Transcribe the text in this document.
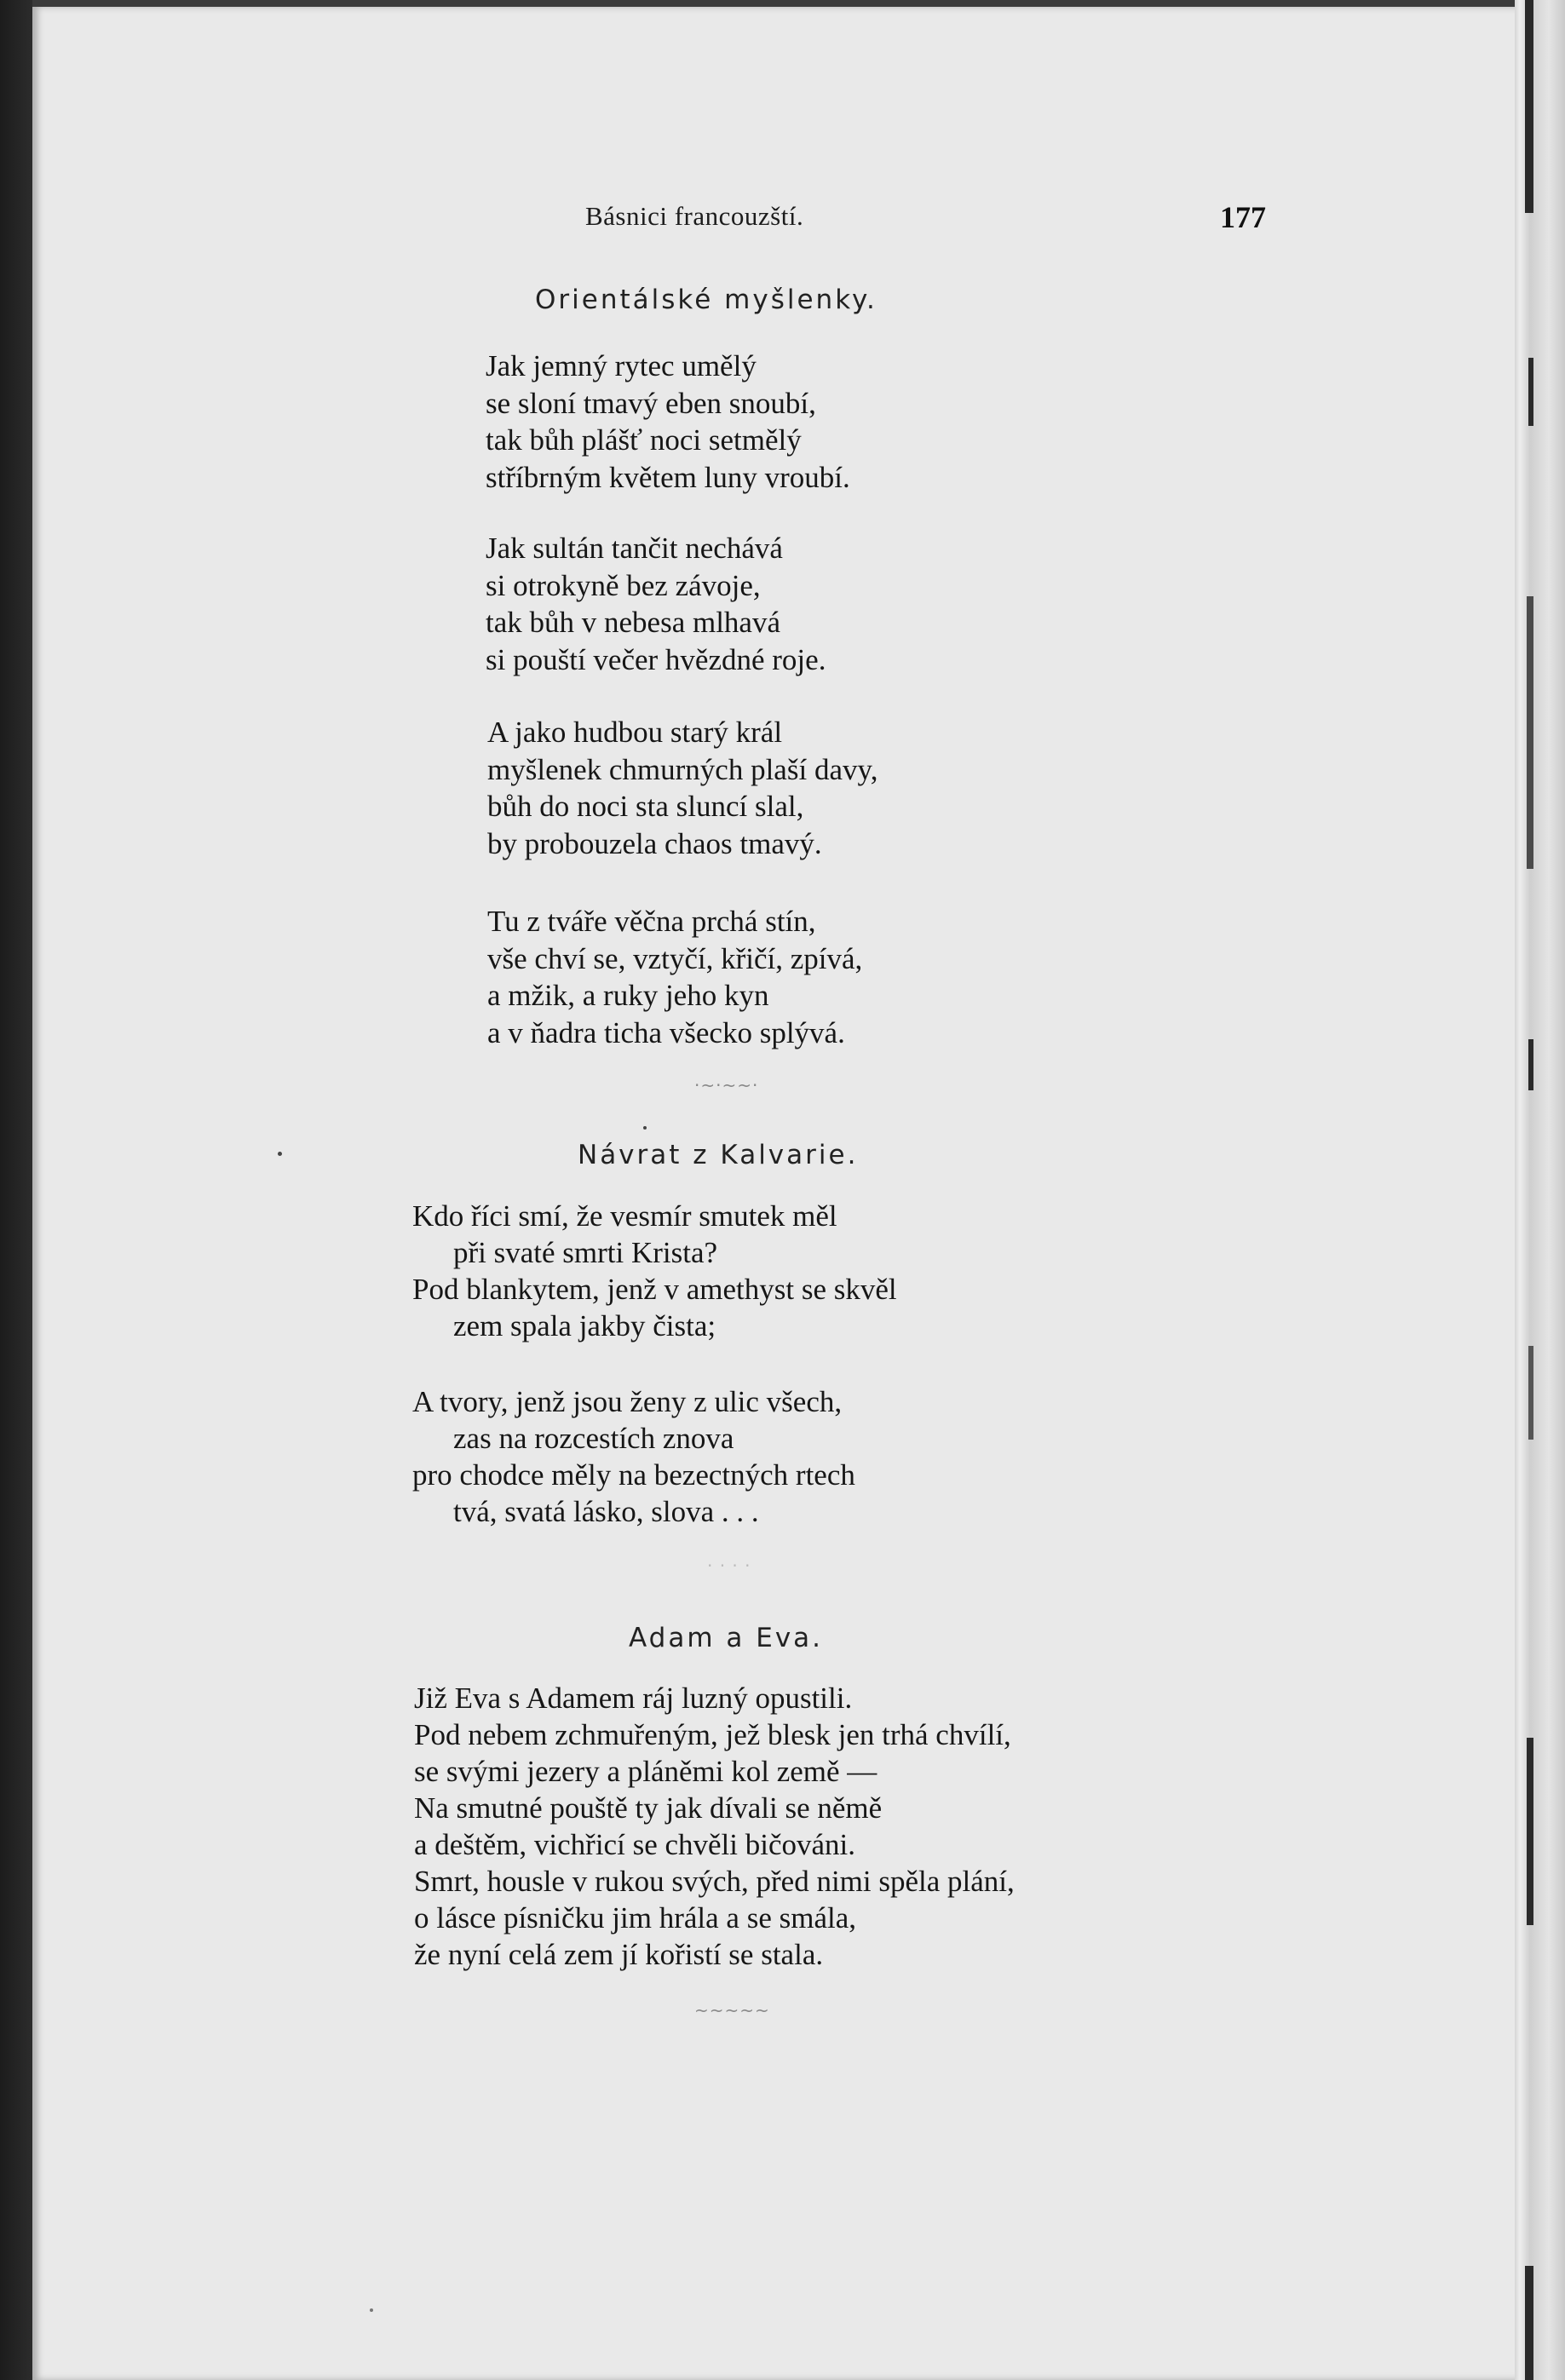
Básnici francouzští.	177
Orientálské myšlenky.
Jak jemný rytec umělý
se sloní tmavý eben snoubí,
tak bůh plášť noci setmělý
stříbrným květem luny vroubí.
Jak sultán tančit nechává
si otrokyně bez závoje,
tak bůh v nebesa mlhavá
si pouští večer hvězdné roje.
A jako hudbou starý král
myšlenek chmurných plaší davy,
bůh do noci sta sluncí slal,
by probouzela chaos tmavý.
Tu z tváře věčna prchá stín,
vše chví se, vztyčí, křičí, zpívá,
a mžik, a ruky jeho kyn
a v ňadra ticha všecko splývá.
·~·~~·
Návrat z Kalvarie.
Kdo říci smí, že vesmír smutek měl
při svaté smrti Krista?
Pod blankytem, jenž v amethyst se skvěl
zem spala jakby čista;
A tvory, jenž jsou ženy z ulic všech,
zas na rozcestích znova
pro chodce měly na bezectných rtech
tvá, svatá lásko, slova . . .
· · · ·
Adam a Eva.
Již Eva s Adamem ráj luzný opustili.
Pod nebem zchmuřeným, jež blesk jen trhá chvílí,
se svými jezery a pláněmi kol země —
Na smutné pouště ty jak dívali se němě
a deštěm, vichřicí se chvěli bičováni.
Smrt, housle v rukou svých, před nimi spěla plání,
o lásce písničku jim hrála a se smála,
že nyní celá zem jí kořistí se stala.
~~~~~
